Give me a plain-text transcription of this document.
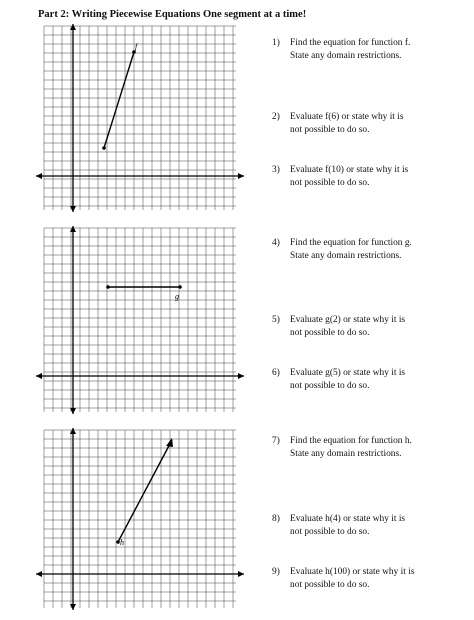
Part 2: Writing Piecewise Equations One segment at a time!
f
g
h
1) Find the equation for function f.
State any domain restrictions.
2) Evaluate f(6) or state why it is
not possible to do so.
3) Evaluate f(10) or state why it is
not possible to do so.
4) Find the equation for function g.
State any domain restrictions.
5) Evaluate g(2) or state why it is
not possible to do so.
6) Evaluate g(5) or state why it is
not possible to do so.
7) Find the equation for function h.
State any domain restrictions.
8) Evaluate h(4) or state why it is
not possible to do so.
9) Evaluate h(100) or state why it is
not possible to do so.
